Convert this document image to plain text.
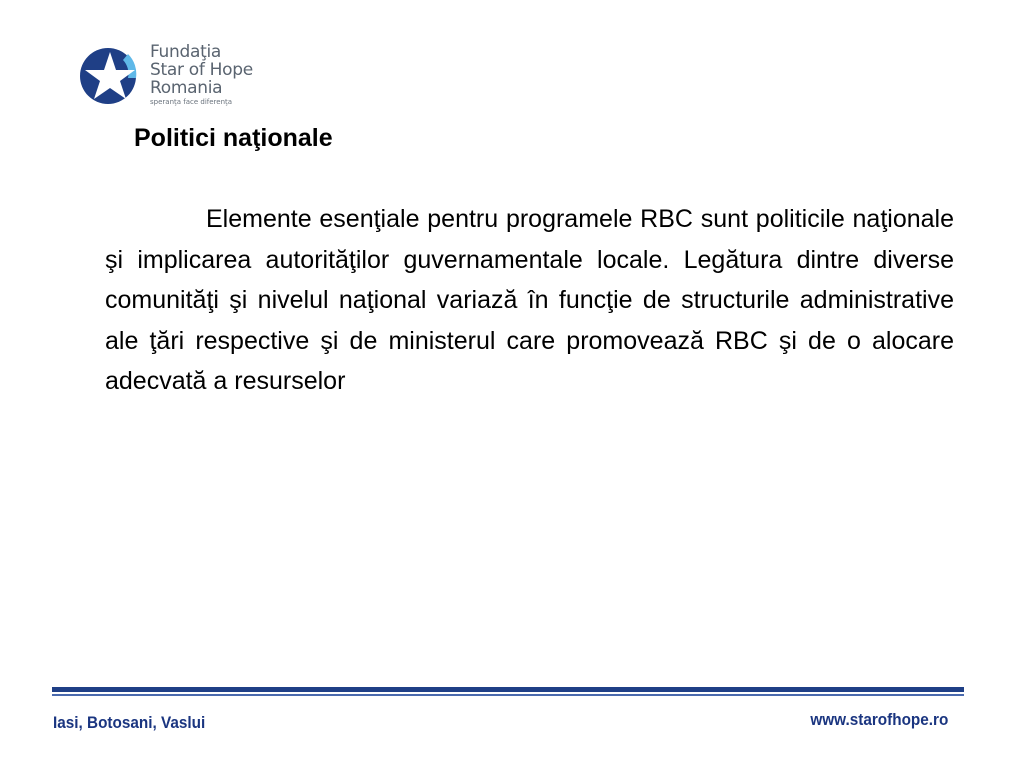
Fundaţia
Star of Hope
Romania
speranţa face diferenţa
Politici naţionale

Elemente esenţiale pentru programele RBC sunt politicile naţionale şi implicarea autorităţilor guvernamentale locale. Legătura dintre diverse comunităţi şi nivelul naţional variază în funcţie de structurile administrative ale ţări respective şi de ministerul care promovează RBC şi de o alocare adecvată a resurselor

Iasi, Botosani, Vaslui	www.starofhope.ro
